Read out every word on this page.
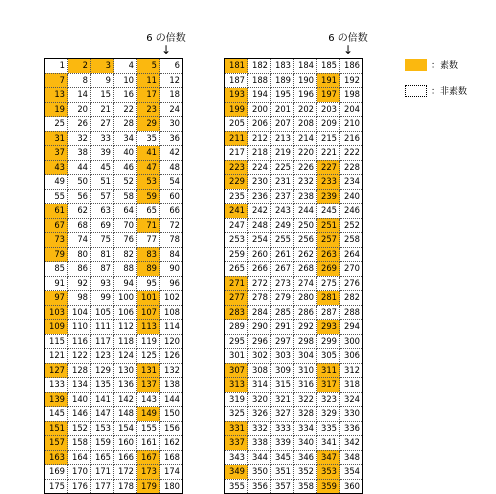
6 の倍数
↓
6 の倍数
↓
1	2	3	4	5	6
7	8	9	10	11	12
13	14	15	16	17	18
19	20	21	22	23	24
25	26	27	28	29	30
31	32	33	34	35	36
37	38	39	40	41	42
43	44	45	46	47	48
49	50	51	52	53	54
55	56	57	58	59	60
61	62	63	64	65	66
67	68	69	70	71	72
73	74	75	76	77	78
79	80	81	82	83	84
85	86	87	88	89	90
91	92	93	94	95	96
97	98	99	100	101	102
103	104	105	106	107	108
109	110	111	112	113	114
115	116	117	118	119	120
121	122	123	124	125	126
127	128	129	130	131	132
133	134	135	136	137	138
139	140	141	142	143	144
145	146	147	148	149	150
151	152	153	154	155	156
157	158	159	160	161	162
163	164	165	166	167	168
169	170	171	172	173	174
175	176	177	178	179	180
181	182	183	184	185	186
187	188	189	190	191	192
193	194	195	196	197	198
199	200	201	202	203	204
205	206	207	208	209	210
211	212	213	214	215	216
217	218	219	220	221	222
223	224	225	226	227	228
229	230	231	232	233	234
235	236	237	238	239	240
241	242	243	244	245	246
247	248	249	250	251	252
253	254	255	256	257	258
259	260	261	262	263	264
265	266	267	268	269	270
271	272	273	274	275	276
277	278	279	280	281	282
283	284	285	286	287	288
289	290	291	292	293	294
295	296	297	298	299	300
301	302	303	304	305	306
307	308	309	310	311	312
313	314	315	316	317	318
319	320	321	322	323	324
325	326	327	328	329	330
331	332	333	334	335	336
337	338	339	340	341	342
343	344	345	346	347	348
349	350	351	352	353	354
355	356	357	358	359	360
：素数
：非素数
